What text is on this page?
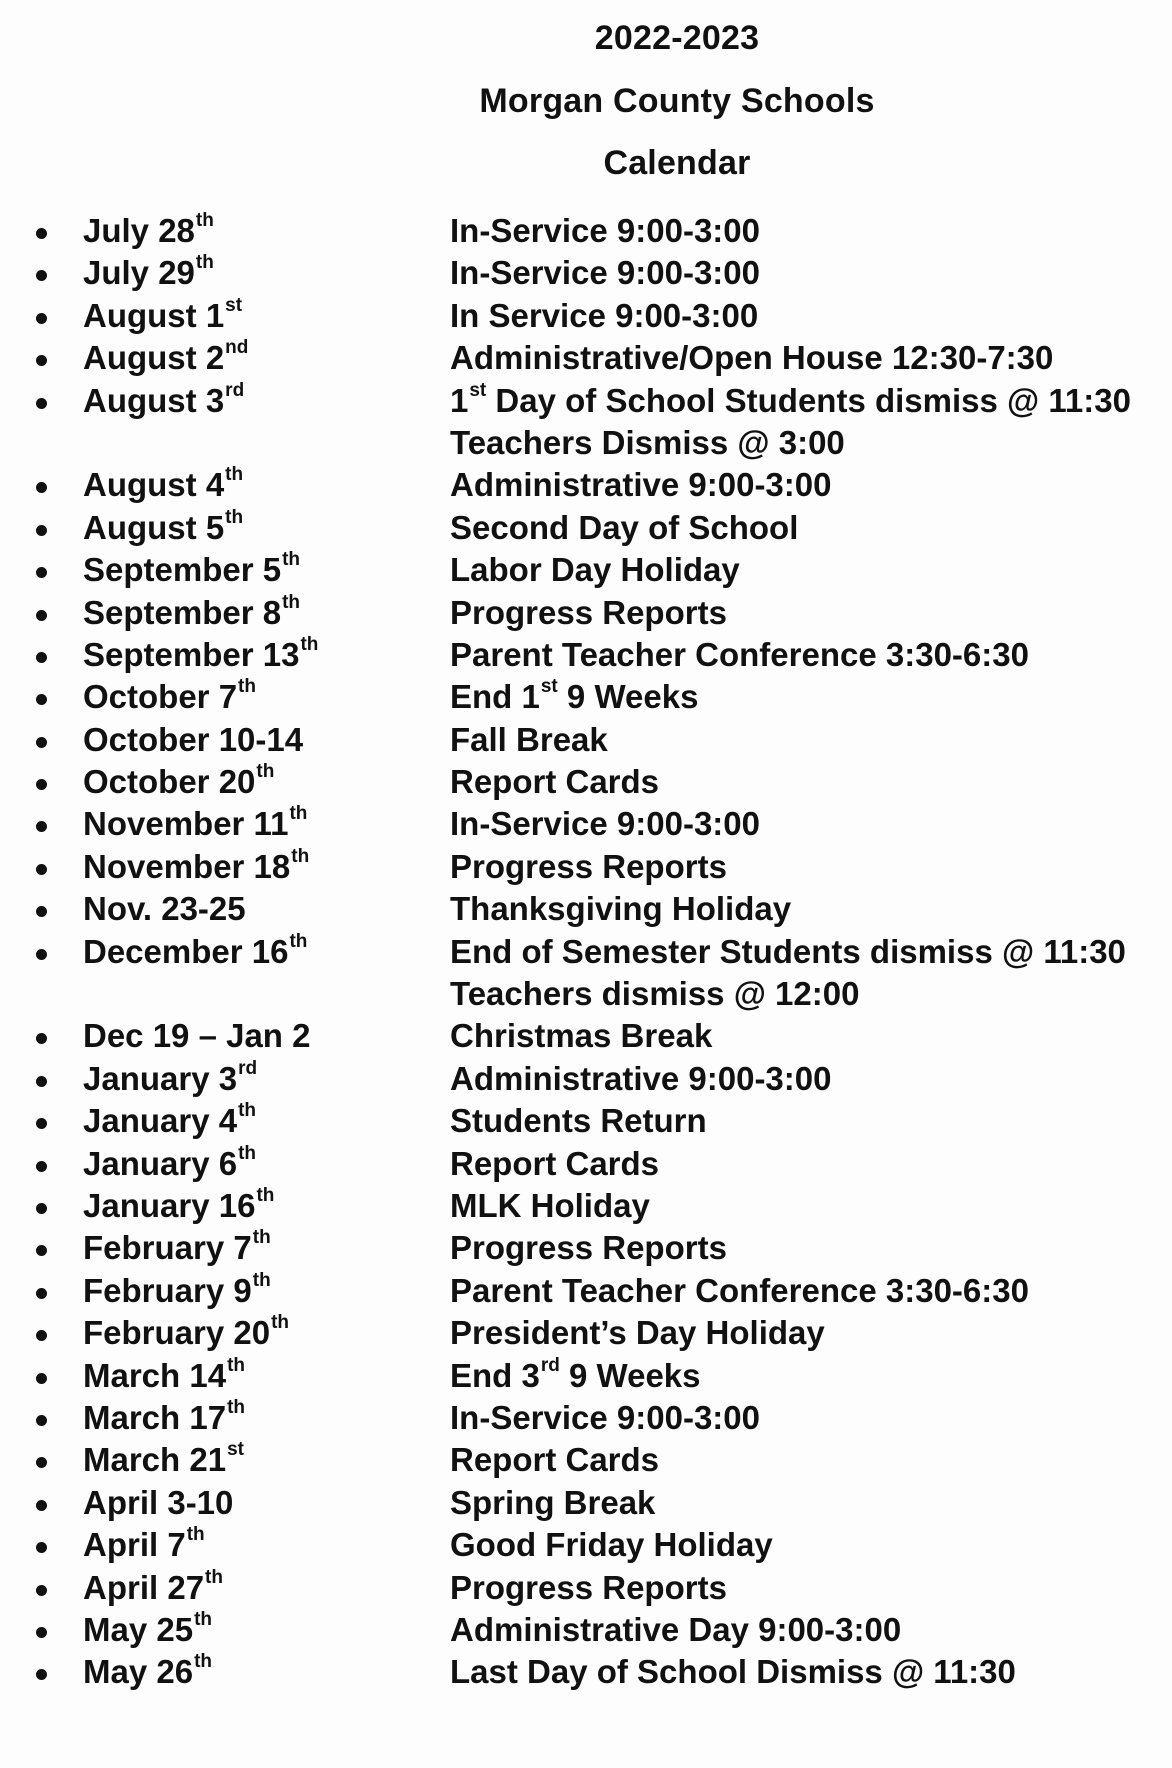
2022-2023
Morgan County Schools
Calendar
July 28th	In-Service 9:00-3:00
July 29th	In-Service 9:00-3:00
August 1st	In Service 9:00-3:00
August 2nd	Administrative/Open House 12:30-7:30
August 3rd	1st Day of School Students dismiss @ 11:30
Teachers Dismiss @ 3:00
August 4th	Administrative 9:00-3:00
August 5th	Second Day of School
September 5th	Labor Day Holiday
September 8th	Progress Reports
September 13th	Parent Teacher Conference 3:30-6:30
October 7th	End 1st 9 Weeks
October 10-14	Fall Break
October 20th	Report Cards
November 11th	In-Service 9:00-3:00
November 18th	Progress Reports
Nov. 23-25	Thanksgiving Holiday
December 16th	End of Semester Students dismiss @ 11:30
Teachers dismiss @ 12:00
Dec 19 – Jan 2	Christmas Break
January 3rd	Administrative 9:00-3:00
January 4th	Students Return
January 6th	Report Cards
January 16th	MLK Holiday
February 7th	Progress Reports
February 9th	Parent Teacher Conference 3:30-6:30
February 20th	President’s Day Holiday
March 14th	End 3rd 9 Weeks
March 17th	In-Service 9:00-3:00
March 21st	Report Cards
April 3-10	Spring Break
April 7th	Good Friday Holiday
April 27th	Progress Reports
May 25th	Administrative Day 9:00-3:00
May 26th	Last Day of School Dismiss @ 11:30
